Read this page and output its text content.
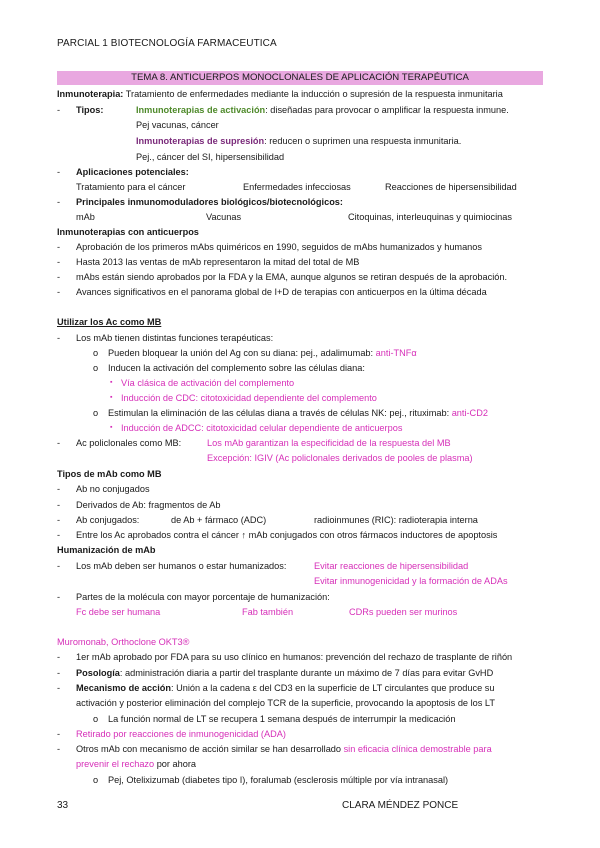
PARCIAL 1 BIOTECNOLOGÍA FARMACEUTICA
TEMA 8. ANTICUERPOS MONOCLONALES DE APLICACIÓN TERAPÉUTICA
Inmunoterapia: Tratamiento de enfermedades mediante la inducción o supresión de la respuesta inmunitaria
- Tipos:	Inmunoterapias de activación: diseñadas para provocar o amplificar la respuesta inmune.
Pej vacunas, cáncer
Inmunoterapias de supresión: reducen o suprimen una respuesta inmunitaria.
Pej., cáncer del SI, hipersensibilidad
- Aplicaciones potenciales:
Tratamiento para el cáncer	Enfermedades infecciosas	Reacciones de hipersensibilidad
- Principales inmunomoduladores biológicos/biotecnológicos:
mAb	Vacunas	Citoquinas, interleuquinas y quimiocinas
Inmunoterapias con anticuerpos
- Aprobación de los primeros mAbs quiméricos en 1990, seguidos de mAbs humanizados y humanos
- Hasta 2013 las ventas de mAb representaron la mitad del total de MB
- mAbs están siendo aprobados por la FDA y la EMA, aunque algunos se retiran después de la aprobación.
- Avances significativos en el panorama global de I+D de terapias con anticuerpos en la última década
Utilizar los Ac como MB
- Los mAb tienen distintas funciones terapéuticas:
o Pueden bloquear la unión del Ag con su diana: pej., adalimumab: anti-TNFα
o Inducen la activación del complemento sobre las células diana:
▪ Vía clásica de activación del complemento
▪ Inducción de CDC: citotoxicidad dependiente del complemento
o Estimulan la eliminación de las células diana a través de células NK: pej., rituximab: anti-CD2
▪ Inducción de ADCC: citotoxicidad celular dependiente de anticuerpos
- Ac policlonales como MB:	Los mAb garantizan la especificidad de la respuesta del MB
Excepción: IGIV (Ac policlonales derivados de pooles de plasma)
Tipos de mAb como MB
- Ab no conjugados
- Derivados de Ab: fragmentos de Ab
- Ab conjugados:	de Ab + fármaco (ADC)	radioinmunes (RIC): radioterapia interna
- Entre los Ac aprobados contra el cáncer ↑ mAb conjugados con otros fármacos inductores de apoptosis
Humanización de mAb
- Los mAb deben ser humanos o estar humanizados:	Evitar reacciones de hipersensibilidad
Evitar inmunogenicidad y la formación de ADAs
- Partes de la molécula con mayor porcentaje de humanización:
Fc debe ser humana	Fab también	CDRs pueden ser murinos
Muromonab, Orthoclone OKT3®
- 1er mAb aprobado por FDA para su uso clínico en humanos: prevención del rechazo de trasplante de riñón
- Posología: administración diaria a partir del trasplante durante un máximo de 7 días para evitar GvHD
- Mecanismo de acción: Unión a la cadena ε del CD3 en la superficie de LT circulantes que produce su
activación y posterior eliminación del complejo TCR de la superficie, provocando la apoptosis de los LT
o La función normal de LT se recupera 1 semana después de interrumpir la medicación
- Retirado por reacciones de inmunogenicidad (ADA)
- Otros mAb con mecanismo de acción similar se han desarrollado sin eficacia clínica demostrable para
prevenir el rechazo por ahora
o Pej, Otelixizumab (diabetes tipo I), foralumab (esclerosis múltiple por vía intranasal)
33	CLARA MÉNDEZ PONCE
